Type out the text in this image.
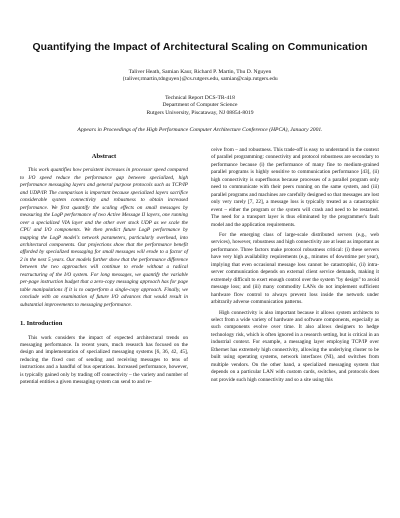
Quantifying the Impact of Architectural Scaling on Communication
Taliver Heath, Samian Kaur, Richard P. Martin, Thu D. Nguyen
{taliver,rmartin,tdnguyen}@cs.rutgers.edu, samian@caip.rutgers.edu
Technical Report DCS-TR-418
Department of Computer Science
Rutgers University, Piscataway, NJ 08854-8019
Appears in Proceedings of the High Performance Computer Architecture Conference (HPCA), January 2001.
Abstract

This work quantifies how persistent increases in processor speed compared to I/O speed reduce the performance gap between specialized, high performance messaging layers and general purpose protocols such as TCP/IP and UDP/IP. The comparison is important because specialized layers sacrifice considerable system connectivity and robustness to obtain increased performance. We first quantify the scaling effects on small messages by measuring the LogP performance of two Active Message II layers, one running over a specialized VIA layer and the other over stock UDP as we scale the CPU and I/O components. We then predict future LogP performance by mapping the LogP model's network parameters, particularly overhead, into architectural components. Our projections show that the performance benefit afforded by specialized messaging for small messages will erode to a factor of 2 in the next 5 years. Our models further show that the performance difference between the two approaches will continue to erode without a radical restructuring of the I/O system. For long messages, we quantify the variable per-page instruction budget that a zero-copy messaging approach has for page table manipulations if it is to outperform a single-copy approach. Finally, we conclude with an examination of future I/O advances that would result in substantial improvements to messaging performance.

1. Introduction

This work considers the impact of expected architectural trends on messaging performance. In recent years, much research has focused on the design and implementation of specialized messaging systems [6, 36, 42, 45], reducing the fixed cost of sending and receiving messages to tens of instructions and a handful of bus operations. Increased performance, however, is typically gained only by trading off connectivity – the variety and number of potential entities a given messaging system can send to and re-

ceive from – and robustness. This trade-off is easy to understand in the context of parallel programming: connectivity and protocol robustness are secondary to performance because (i) the performance of many fine to medium-grained parallel programs is highly sensitive to communication performance [43], (ii) high connectivity is superfluous because processes of a parallel program only need to communicate with their peers running on the same system, and (iii) parallel programs and machines are carefully designed so that messages are lost only very rarely [7, 22], a message loss is typically treated as a catastrophic event – either the program or the system will crash and need to be restarted. The need for a transport layer is thus eliminated by the programmer's fault model and the application requirements.

For the emerging class of large-scale distributed servers (e.g., web services), however, robustness and high connectivity are at least as important as performance. Three factors make protocol robustness critical: (i) these servers have very high availability requirements (e.g., minutes of downtime per year), implying that even occasional message loss cannot be catastrophic, (ii) intra-server communication depends on external client service demands, making it extremely difficult to exert enough control over the system "by design" to avoid message loss; and (iii) many commodity LANs do not implement sufficient hardware flow control to always prevent loss inside the network under arbitrarily adverse communication patterns.

High connectivity is also important because it allows system architects to select from a wide variety of hardware and software components, especially as such components evolve over time. It also allows designers to hedge technology risk, which is often ignored in a research setting, but is critical in an industrial context. For example, a messaging layer employing TCP/IP over Ethernet has extremely high connectivity, allowing the underlying cluster to be built using operating systems, network interfaces (NI), and switches from multiple vendors. On the other hand, a specialized messaging system that depends on a particular LAN with custom cards, switches, and protocols does not provide such high connectivity and so a site using this
